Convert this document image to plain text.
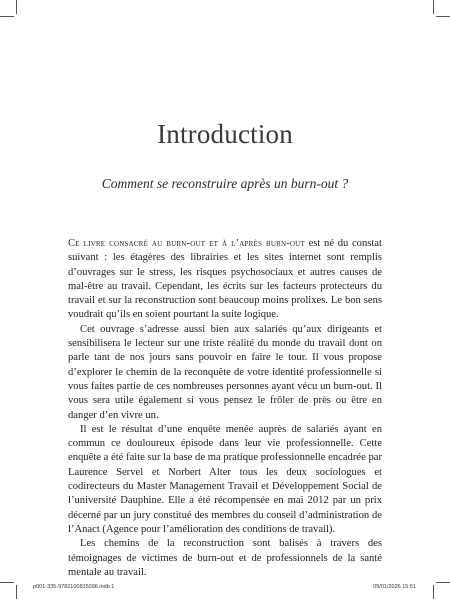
Introduction
Comment se reconstruire après un burn-out ?

Ce livre consacré au burn-out et à l’après burn-out est né du constat suivant : les étagères des librairies et les sites internet sont remplis d’ouvrages sur le stress, les risques psychosociaux et autres causes de mal-être au travail. Cependant, les écrits sur les facteurs protecteurs du travail et sur la reconstruction sont beaucoup moins prolixes. Le bon sens voudrait qu’ils en soient pourtant la suite logique.

Cet ouvrage s’adresse aussi bien aux salariés qu’aux dirigeants et sensibilisera le lecteur sur une triste réalité du monde du travail dont on parle tant de nos jours sans pouvoir en faire le tour. Il vous propose d’explorer le chemin de la reconquête de votre identité professionnelle si vous faites partie de ces nombreuses personnes ayant vécu un burn-out. Il vous sera utile également si vous pensez le frôler de près ou être en danger d’en vivre un.

Il est le résultat d’une enquête menée auprès de salariés ayant en commun ce douloureux épisode dans leur vie professionnelle. Cette enquête a été faite sur la base de ma pratique professionnelle encadrée par Laurence Servel et Norbert Alter tous les deux sociologues et codirecteurs du Master Management Travail et Développement Social de l’université Dauphine. Elle a été récompensée en mai 2012 par un prix décerné par un jury constitué des membres du conseil d’administration de l’Anact (Agence pour l’amélioration des conditions de travail).

Les chemins de la reconstruction sont balisés à travers des témoignages de victimes de burn-out et de professionnels de la santé mentale au travail.

p001-335-9782100835096.indb 1	05/01/2026 15:51
